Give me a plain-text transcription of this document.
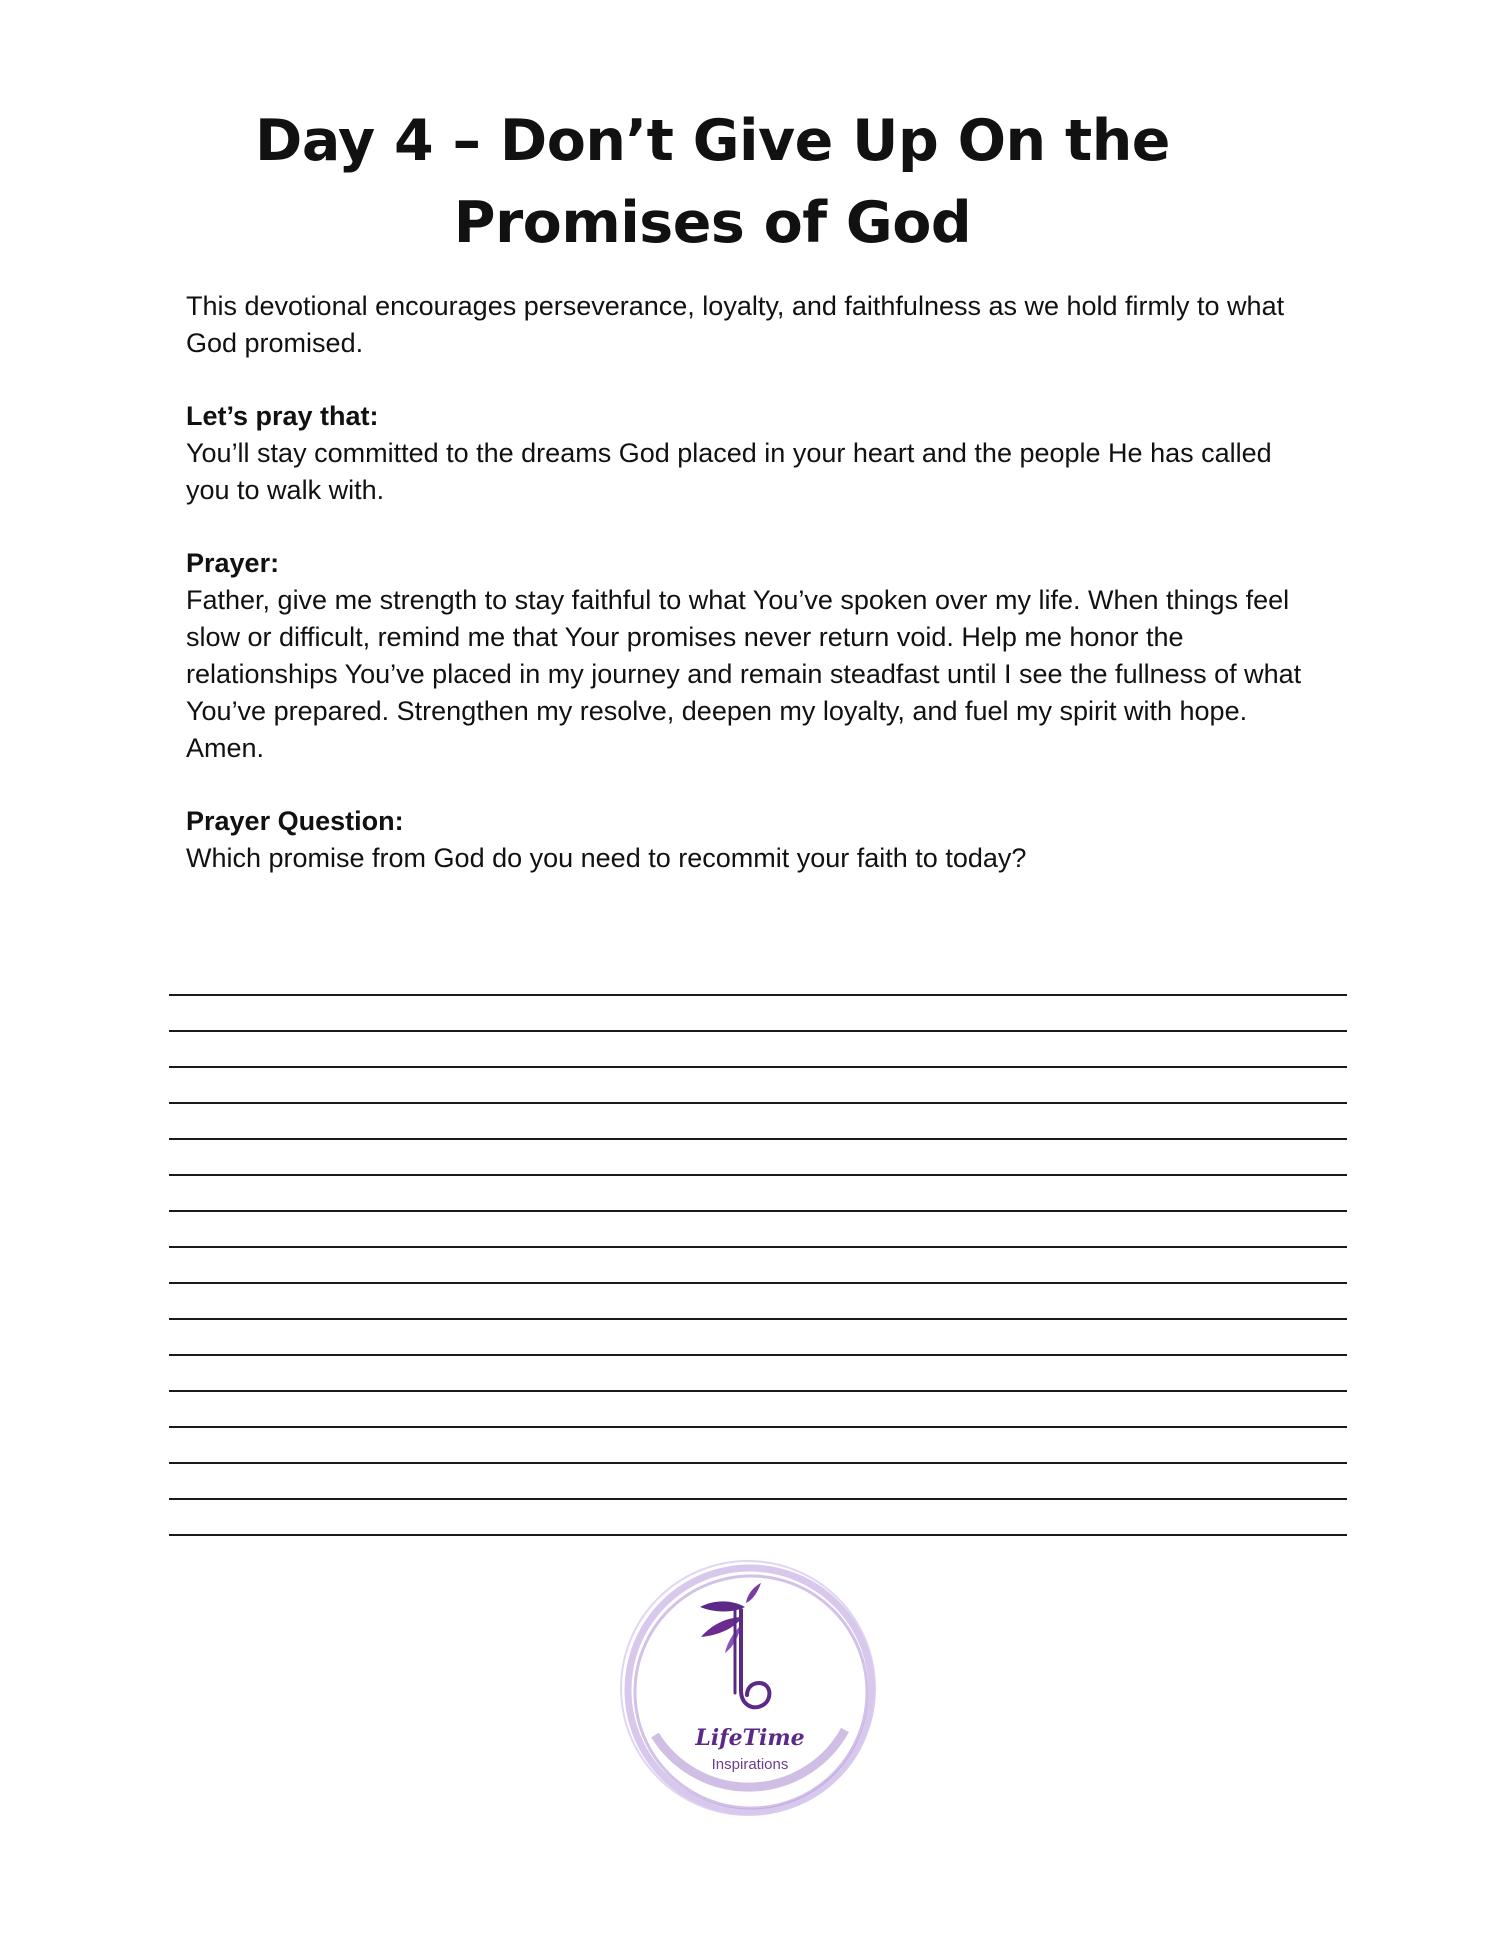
Day 4 – Don’t Give Up On the
Promises of God

This devotional encourages perseverance, loyalty, and faithfulness as we hold firmly to what God promised.

Let’s pray that:
You’ll stay committed to the dreams God placed in your heart and the people He has called you to walk with.

Prayer:
Father, give me strength to stay faithful to what You’ve spoken over my life. When things feel slow or difficult, remind me that Your promises never return void. Help me honor the relationships You’ve placed in my journey and remain steadfast until I see the fullness of what You’ve prepared. Strengthen my resolve, deepen my loyalty, and fuel my spirit with hope. Amen.

Prayer Question:
Which promise from God do you need to recommit your faith to today?

LifeTime
Inspirations
